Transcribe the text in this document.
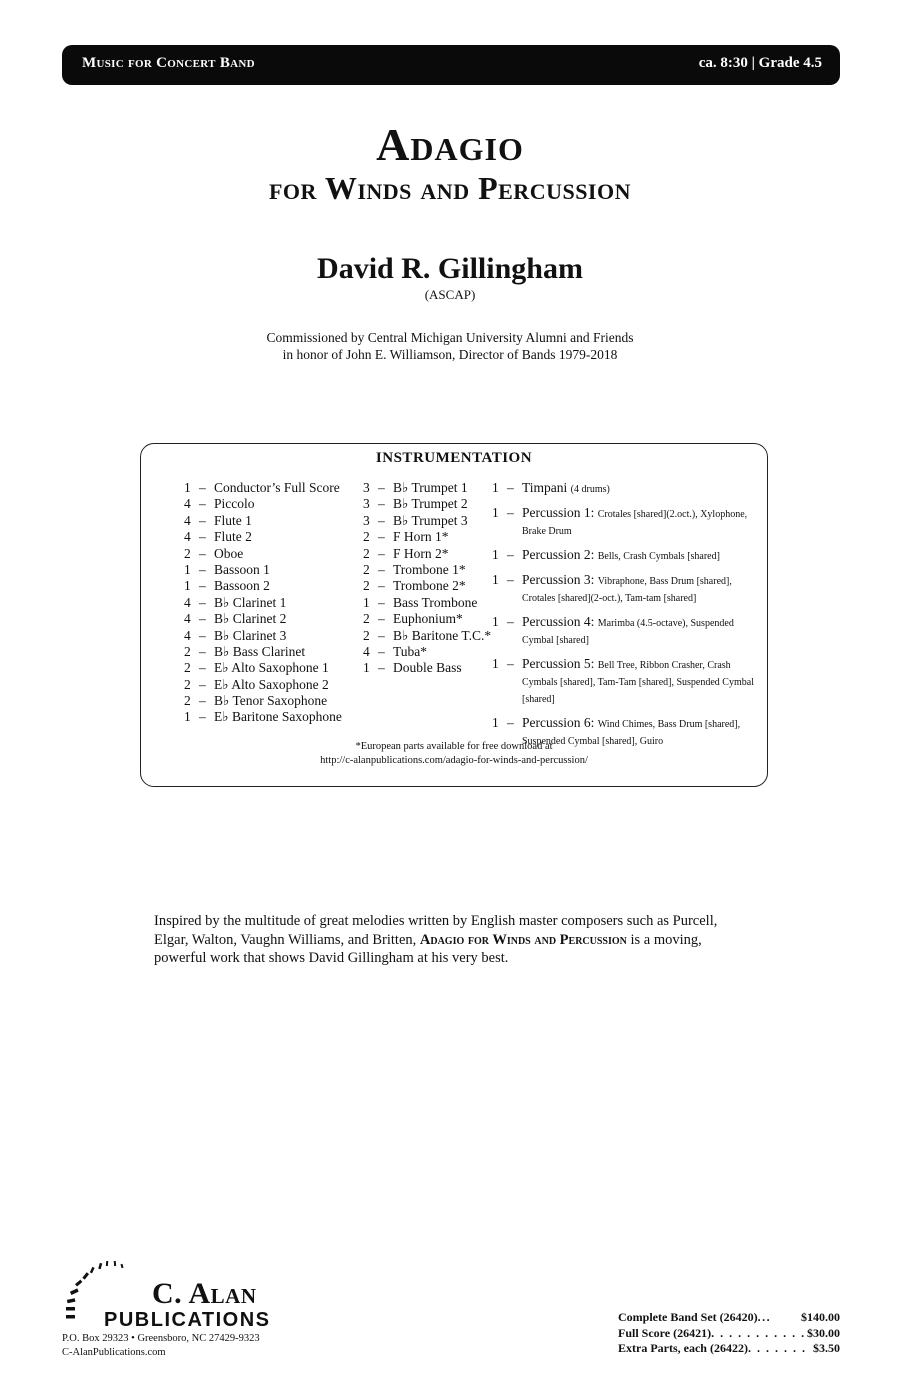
Music for Concert Band	ca. 8:30 | Grade 4.5
Adagio
for Winds and Percussion
David R. Gillingham
(ASCAP)
Commissioned by Central Michigan University Alumni and Friends
in honor of John E. Williamson, Director of Bands 1979-2018
INSTRUMENTATION
1 – Conductor’s Full Score
4 – Piccolo
4 – Flute 1
4 – Flute 2
2 – Oboe
1 – Bassoon 1
1 – Bassoon 2
4 – B♭ Clarinet 1
4 – B♭ Clarinet 2
4 – B♭ Clarinet 3
2 – B♭ Bass Clarinet
2 – E♭ Alto Saxophone 1
2 – E♭ Alto Saxophone 2
2 – B♭ Tenor Saxophone
1 – E♭ Baritone Saxophone
3 – B♭ Trumpet 1
3 – B♭ Trumpet 2
3 – B♭ Trumpet 3
2 – F Horn 1*
2 – F Horn 2*
2 – Trombone 1*
2 – Trombone 2*
1 – Bass Trombone
2 – Euphonium*
2 – B♭ Baritone T.C.*
4 – Tuba*
1 – Double Bass
1 – Timpani (4 drums)
1 – Percussion 1: Crotales [shared](2.oct.), Xylophone, Brake Drum
1 – Percussion 2: Bells, Crash Cymbals [shared]
1 – Percussion 3: Vibraphone, Bass Drum [shared], Crotales [shared](2-oct.), Tam-tam [shared]
1 – Percussion 4: Marimba (4.5-octave), Suspended Cymbal [shared]
1 – Percussion 5: Bell Tree, Ribbon Crasher, Crash Cymbals [shared], Tam-Tam [shared], Suspended Cymbal [shared]
1 – Percussion 6: Wind Chimes, Bass Drum [shared], Suspended Cymbal [shared], Guiro
*European parts available for free download at
http://c-alanpublications.com/adagio-for-winds-and-percussion/
Inspired by the multitude of great melodies written by English master composers such as Purcell, Elgar, Walton, Vaughn Williams, and Britten, Adagio for Winds and Percussion is a moving, powerful work that shows David Gillingham at his very best.
C. Alan
PUBLICATIONS
P.O. Box 29323 • Greensboro, NC 27429-9323
C-AlanPublications.com
Complete Band Set (26420) ...	$140.00
Full Score (26421) . . . . . . . . . . . $30.00
Extra Parts, each (26422) . . . . . . . $3.50
